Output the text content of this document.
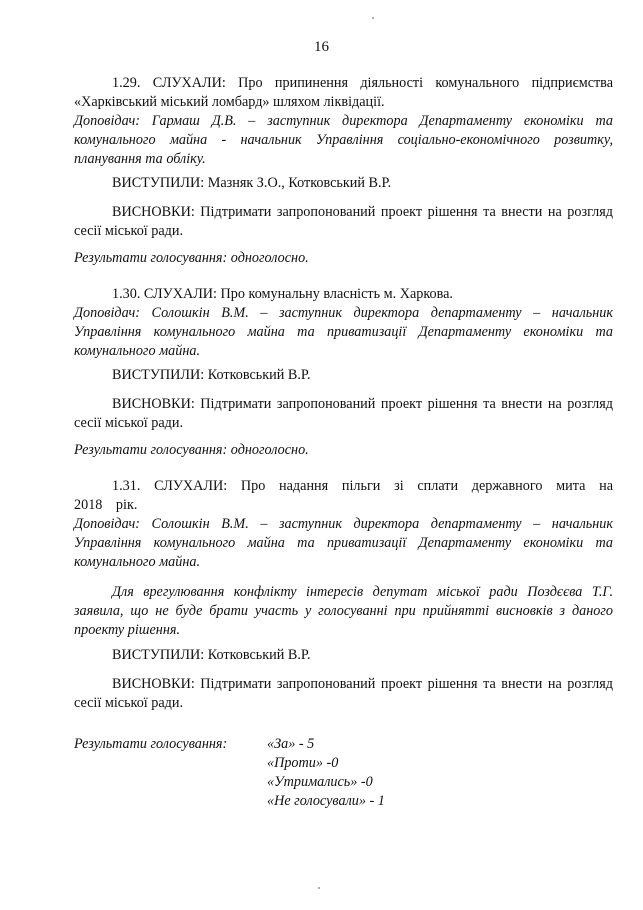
16
1.29. СЛУХАЛИ: Про припинення діяльності комунального підприємства «Харківський міський ломбард» шляхом ліквідації.
Доповідач: Гармаш Д.В. – заступник директора Департаменту економіки та комунального майна - начальник Управління соціально-економічного розвитку, планування та обліку.
ВИСТУПИЛИ: Мазняк З.О., Котковський В.Р.
ВИСНОВКИ: Підтримати запропонований проект рішення та внести на розгляд сесії міської ради.
Результати голосування: одноголосно.
1.30. СЛУХАЛИ: Про комунальну власність м. Харкова.
Доповідач: Солошкін В.М. – заступник директора департаменту – начальник Управління комунального майна та приватизації Департаменту економіки та комунального майна.
ВИСТУПИЛИ: Котковський В.Р.
ВИСНОВКИ: Підтримати запропонований проект рішення та внести на розгляд сесії міської ради.
Результати голосування: одноголосно.
1.31. СЛУХАЛИ: Про надання пільги зі сплати державного мита на 2018 рік.
Доповідач: Солошкін В.М. – заступник директора департаменту – начальник Управління комунального майна та приватизації Департаменту економіки та комунального майна.
Для врегулювання конфлікту інтересів депутат міської ради Поздєєва Т.Г. заявила, що не буде брати участь у голосуванні при прийнятті висновків з даного проекту рішення.
ВИСТУПИЛИ: Котковський В.Р.
ВИСНОВКИ: Підтримати запропонований проект рішення та внести на розгляд сесії міської ради.
Результати голосування:	«За» - 5
«Проти» -0
«Утримались» -0
«Не голосували» - 1
